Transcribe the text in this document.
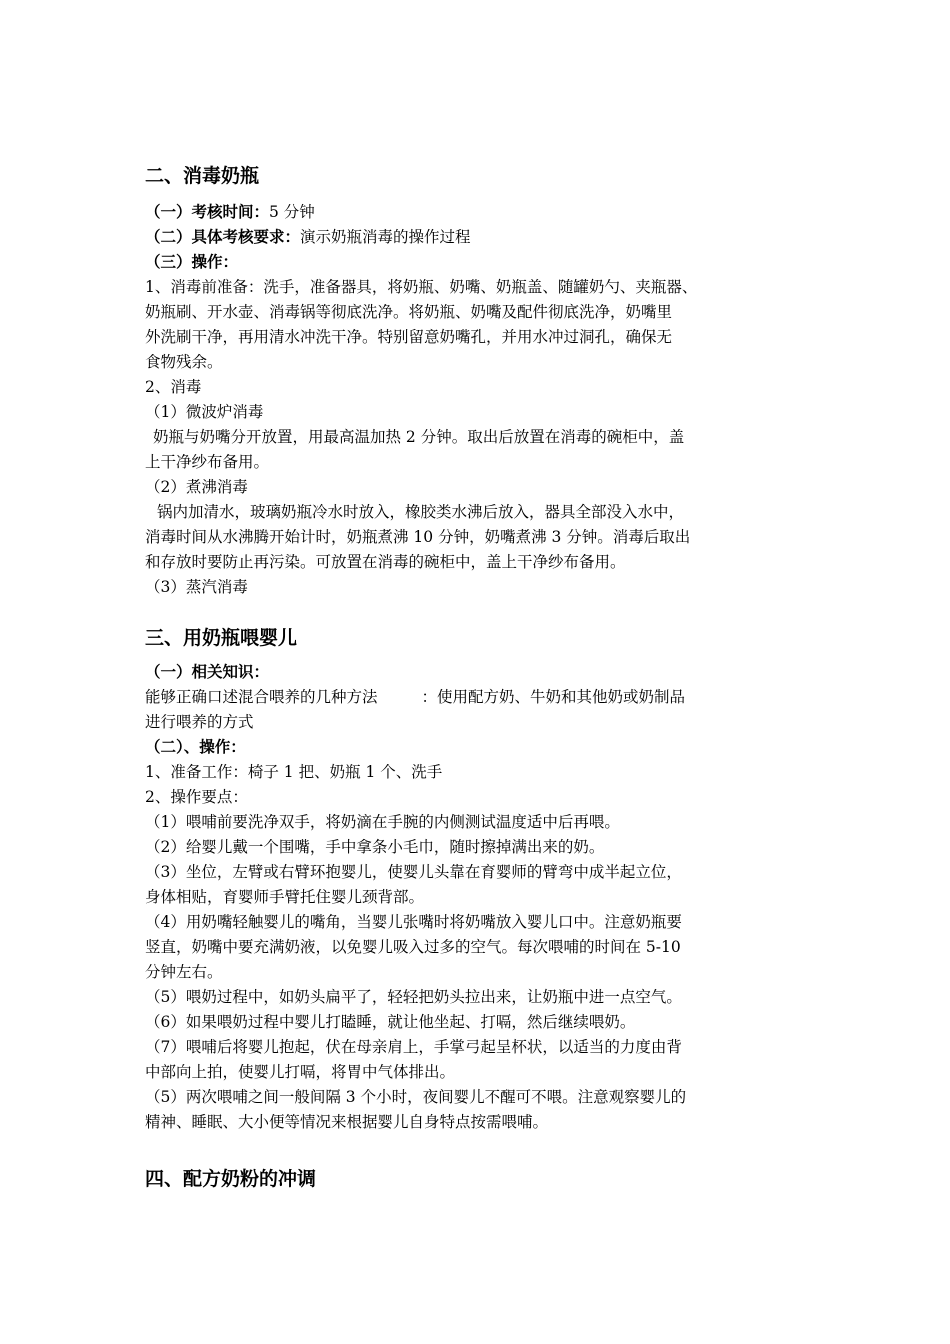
二、消毒奶瓶

（一）考核时间：5 分钟

（二）具体考核要求：演示奶瓶消毒的操作过程

（三）操作：

1、消毒前准备：洗手，准备器具，将奶瓶、奶嘴、奶瓶盖、随罐奶勺、夹瓶器、

奶瓶刷、开水壶、消毒锅等彻底洗净。将奶瓶、奶嘴及配件彻底洗净，奶嘴里

外洗刷干净，再用清水冲洗干净。特别留意奶嘴孔，并用水冲过洞孔，确保无

食物残余。

2、消毒

（1）微波炉消毒

奶瓶与奶嘴分开放置，用最高温加热 2 分钟。取出后放置在消毒的碗柜中，盖

上干净纱布备用。

（2）煮沸消毒

锅内加清水，玻璃奶瓶冷水时放入，橡胶类水沸后放入，器具全部没入水中，

消毒时间从水沸腾开始计时，奶瓶煮沸 10 分钟，奶嘴煮沸 3 分钟。消毒后取出

和存放时要防止再污染。可放置在消毒的碗柜中，盖上干净纱布备用。

（3）蒸汽消毒

三、用奶瓶喂婴儿

（一）相关知识：

能够正确口述混合喂养的几种方法	：使用配方奶、牛奶和其他奶或奶制品

进行喂养的方式

（二）、操作：

1、准备工作：椅子 1 把、奶瓶 1 个、洗手

2、操作要点：

（1）喂哺前要洗净双手，将奶滴在手腕的内侧测试温度适中后再喂。

（2）给婴儿戴一个围嘴，手中拿条小毛巾，随时擦掉满出来的奶。

（3）坐位，左臂或右臂环抱婴儿，使婴儿头靠在育婴师的臂弯中成半起立位，

身体相贴，育婴师手臂托住婴儿颈背部。

（4）用奶嘴轻触婴儿的嘴角，当婴儿张嘴时将奶嘴放入婴儿口中。注意奶瓶要

竖直，奶嘴中要充满奶液，以免婴儿吸入过多的空气。每次喂哺的时间在 5-10

分钟左右。

（5）喂奶过程中，如奶头扁平了，轻轻把奶头拉出来，让奶瓶中进一点空气。

（6）如果喂奶过程中婴儿打瞌睡，就让他坐起、打嗝，然后继续喂奶。

（7）喂哺后将婴儿抱起，伏在母亲肩上，手掌弓起呈杯状，以适当的力度由背

中部向上拍，使婴儿打嗝，将胃中气体排出。

（5）两次喂哺之间一般间隔 3 个小时，夜间婴儿不醒可不喂。注意观察婴儿的

精神、睡眠、大小便等情况来根据婴儿自身特点按需喂哺。

四、配方奶粉的冲调
